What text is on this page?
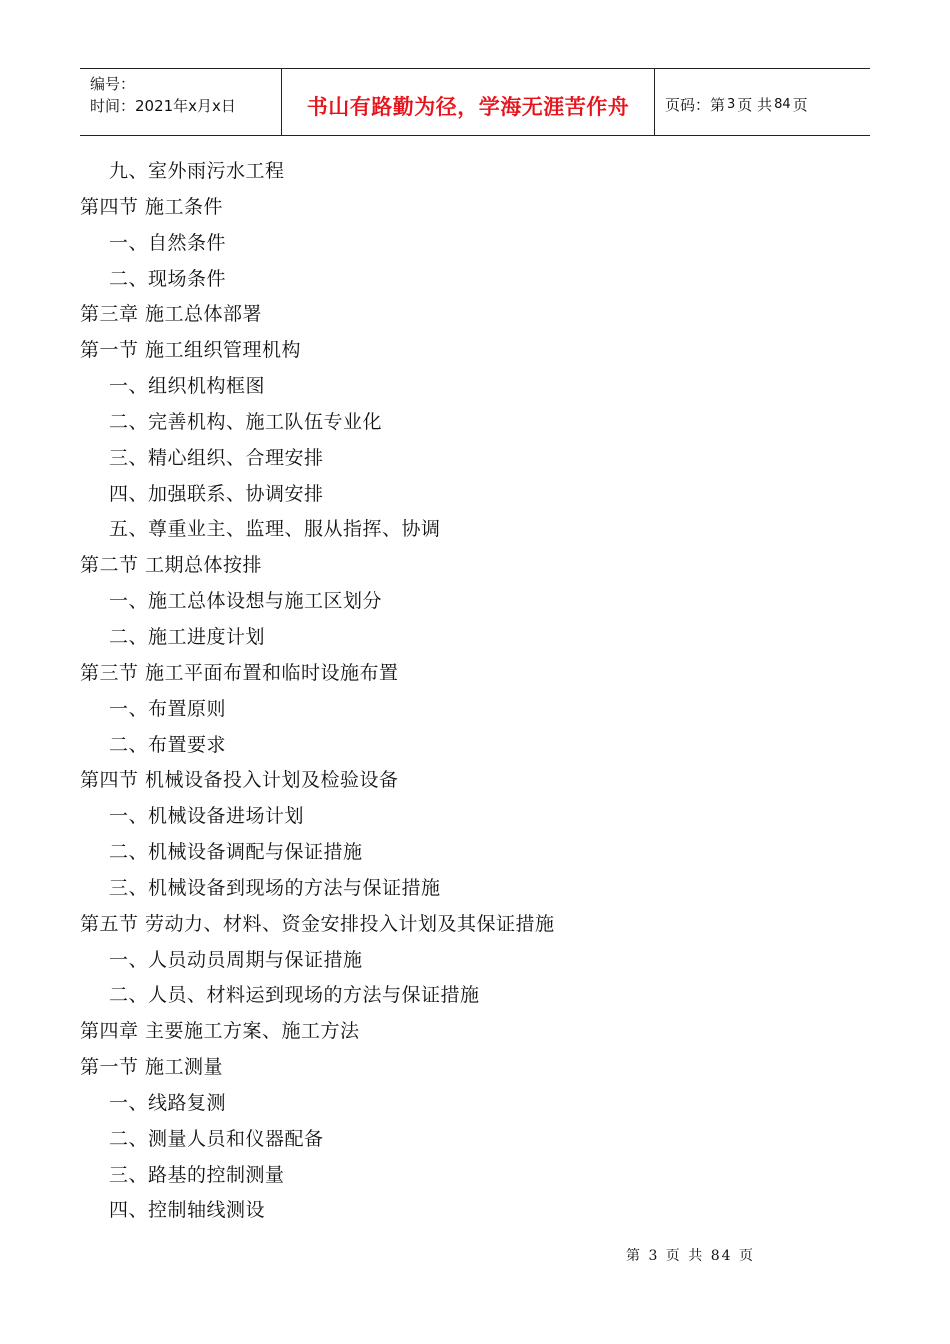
编号：
时间：2021年x月x日	书山有路勤为径，学海无涯苦作舟 页码：第 3 页 共 84 页
九、室外雨污水工程
第四节 施工条件
一、自然条件
二、现场条件
第三章 施工总体部署
第一节 施工组织管理机构
一、组织机构框图
二、完善机构、施工队伍专业化
三、精心组织、合理安排
四、加强联系、协调安排
五、尊重业主、监理、服从指挥、协调
第二节 工期总体按排
一、施工总体设想与施工区划分
二、施工进度计划
第三节 施工平面布置和临时设施布置
一、布置原则
二、布置要求
第四节 机械设备投入计划及检验设备
一、机械设备进场计划
二、机械设备调配与保证措施
三、机械设备到现场的方法与保证措施
第五节 劳动力、材料、资金安排投入计划及其保证措施
一、人员动员周期与保证措施
二、人员、材料运到现场的方法与保证措施
第四章 主要施工方案、施工方法
第一节 施工测量
一、线路复测
二、测量人员和仪器配备
三、路基的控制测量
四、控制轴线测设
第 3 页 共 84 页
